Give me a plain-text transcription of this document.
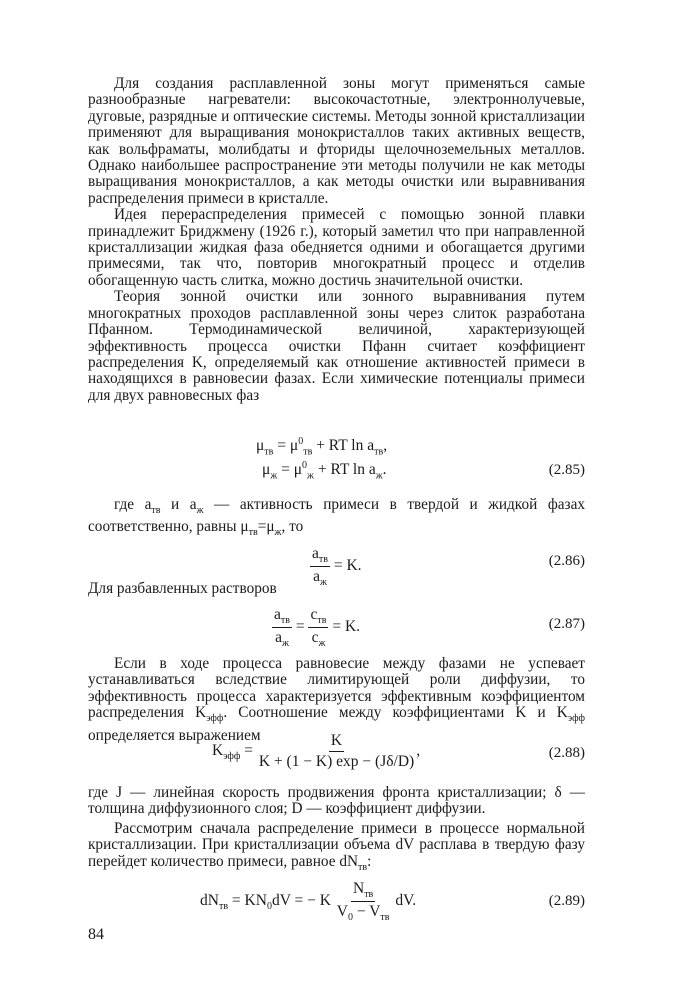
Для создания расплавленной зоны могут применяться самые разнообразные нагреватели: высокочастотные, электроннолучевые, дуговые, разрядные и оптические системы. Методы зонной кристаллизации применяют для выращивания монокристаллов таких активных веществ, как вольфраматы, молибдаты и фториды щелочноземельных металлов. Однако наибольшее распространение эти методы получили не как методы выращивания монокристаллов, а как методы очистки или выравнивания распределения примеси в кристалле.

Идея перераспределения примесей с помощью зонной плавки принадлежит Бриджмену (1926 г.), который заметил что при направленной кристаллизации жидкая фаза обедняется одними и обогащается другими примесями, так что, повторив многократный процесс и отделив обогащенную часть слитка, можно достичь значительной очистки.

Теория зонной очистки или зонного выравнивания путем многократных проходов расплавленной зоны через слиток разработана Пфанном. Термодинамической величиной, характеризующей эффективность процесса очистки Пфанн считает коэффициент распределения K, определяемый как отношение активностей примеси в находящихся в равновесии фазах. Если химические потенциалы примеси для двух равновесных фаз

$\mu_{тв} = \mu^0_{тв}$ + RT $\ln a_{тв}$,
$\mu_ж = \mu^0_ж$ + RT $\ln a_ж$.	(2.85)

где $a_{тв}$ и $a_ж$ — активность примеси в твердой и жидкой фазах соответственно, равны $\mu_{тв}=\mu_ж$, то

$\frac{a_{тв}}{a_ж} = K$.	(2.86)

Для разбавленных растворов

$\frac{a_{тв}}{a_ж} = \frac{c_{тв}}{c_ж} = K$.	(2.87)

Если в ходе процесса равновесие между фазами не успевает устанавливаться вследствие лимитирующей роли диффузии, то эффективность процесса характеризуется эффективным коэффициентом распределения $K_{эфф}$. Соотношение между коэффициентами K и $K_{эфф}$ определяется выражением

$K_{эфф} = \frac{K}{K + (1 - K) \exp - (J\delta/D)}$ ,	(2.88)

где J — линейная скорость продвижения фронта кристаллизации; δ — толщина диффузионного слоя; D — коэффициент диффузии.

Рассмотрим сначала распределение примеси в процессе нормальной кристаллизации. При кристаллизации объема dV расплава в твердую фазу перейдет количество примеси, равное $dN_{тв}$:

$dN_{тв} = KN_0dV$ = − K $\frac{N_{тв}}{V_0 - V_{тв}}$ dV.	(2.89)
84
